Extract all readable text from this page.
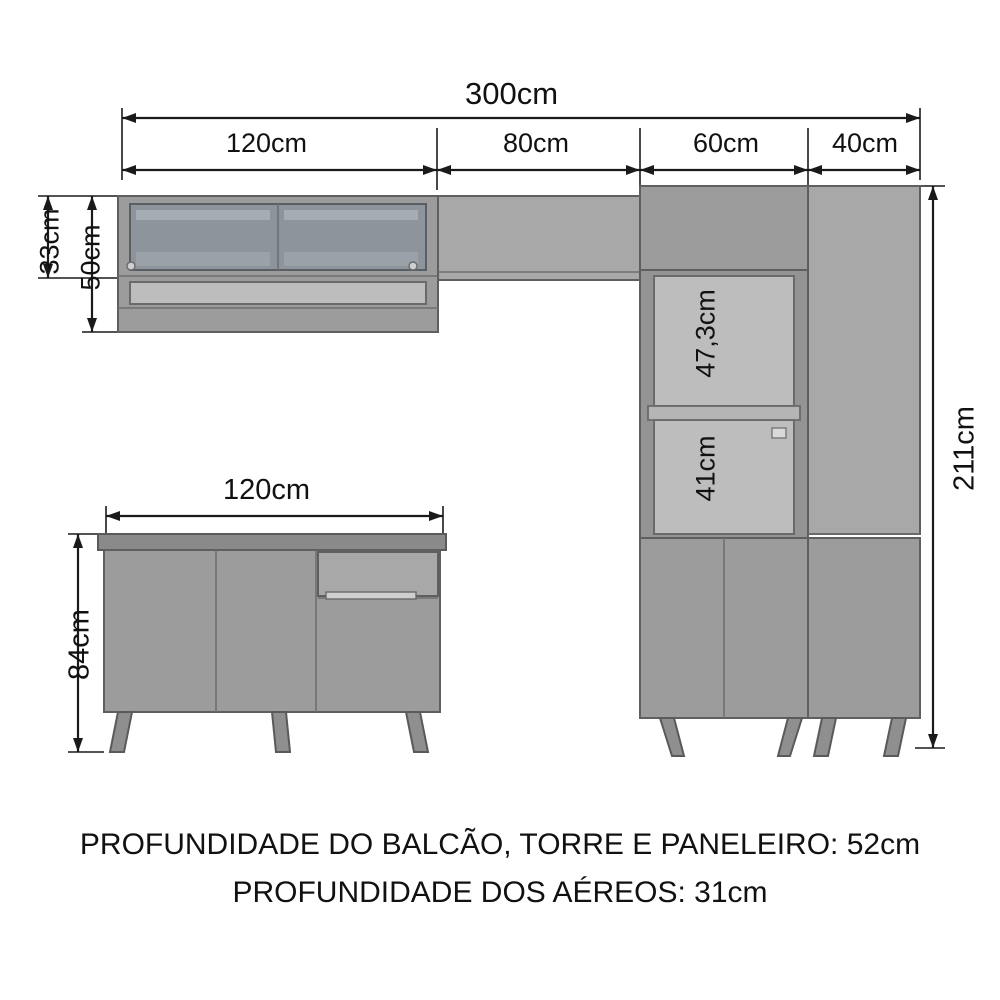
300cm
120cm	80cm	60cm	40cm
33cm 50cm
211cm
84cm
47,3cm
41cm
120cm
PROFUNDIDADE DO BALCÃO, TORRE E PANELEIRO: 52cm
PROFUNDIDADE DOS AÉREOS: 31cm
